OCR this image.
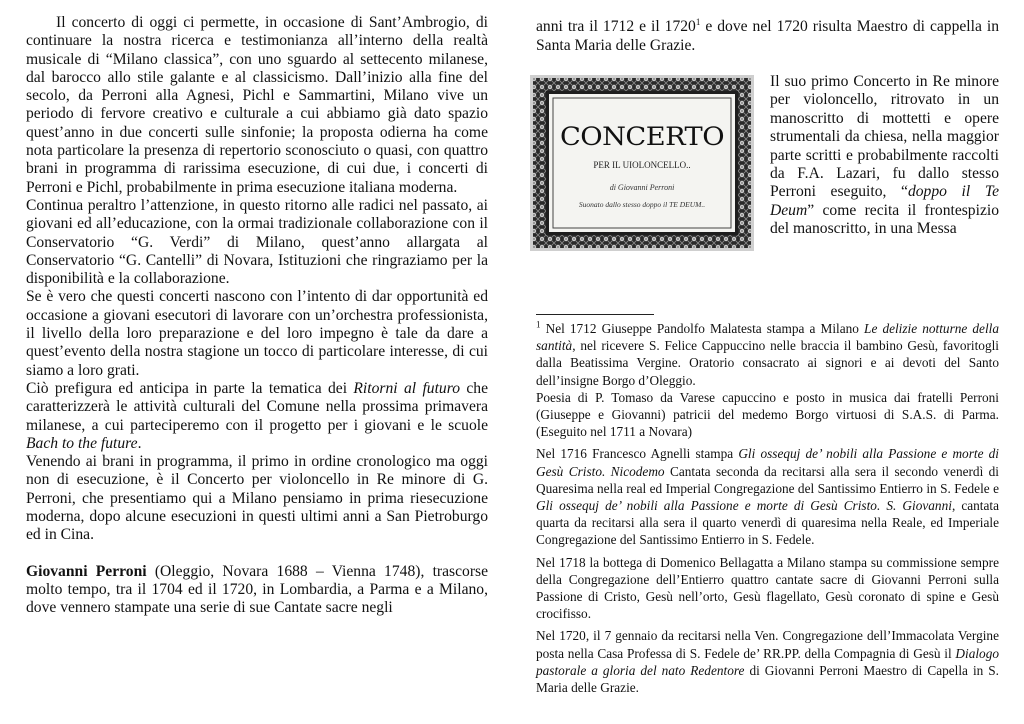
Il concerto di oggi ci permette, in occasione di Sant’Ambrogio, di continuare la nostra ricerca e testimonianza all’interno della realtà musicale di “Milano classica”, con uno sguardo al settecento milanese, dal barocco allo stile galante e al classicismo. Dall’inizio alla fine del secolo, da Perroni alla Agnesi, Pichl e Sammartini, Milano vive un periodo di fervore creativo e culturale a cui abbiamo già dato spazio quest’anno in due concerti sulle sinfonie; la proposta odierna ha come nota particolare la presenza di repertorio sconosciuto o quasi, con quattro brani in programma di rarissima esecuzione, di cui due, i concerti di Perroni e Pichl, probabilmente in prima esecuzione italiana moderna.

Continua peraltro l’attenzione, in questo ritorno alle radici nel passato, ai giovani ed all’educazione, con la ormai tradizionale collaborazione con il Conservatorio “G. Verdi” di Milano, quest’anno allargata al Conservatorio “G. Cantelli” di Novara, Istituzioni che ringraziamo per la disponibilità e la collaborazione.

Se è vero che questi concerti nascono con l’intento di dar opportunità ed occasione a giovani esecutori di lavorare con un’orchestra professionista, il livello della loro preparazione e del loro impegno è tale da dare a quest’evento della nostra stagione un tocco di particolare interesse, di cui siamo a loro grati.

Ciò prefigura ed anticipa in parte la tematica dei Ritorni al futuro che caratterizzerà le attività culturali del Comune nella prossima primavera milanese, a cui parteciperemo con il progetto per i giovani e le scuole Bach to the future.

Venendo ai brani in programma, il primo in ordine cronologico ma oggi non di esecuzione, è il Concerto per violoncello in Re minore di G. Perroni, che presentiamo qui a Milano pensiamo in prima riesecuzione moderna, dopo alcune esecuzioni in questi ultimi anni a San Pietroburgo ed in Cina.

Giovanni Perroni (Oleggio, Novara 1688 – Vienna 1748), trascorse molto tempo, tra il 1704 ed il 1720, in Lombardia, a Parma e a Milano, dove vennero stampate una serie di sue Cantate sacre negli

anni tra il 1712 e il 1720$^1$ e dove nel 1720 risulta Maestro di cappella in Santa Maria delle Grazie.

CONCERTO
PER IL UIOLONCELLO..
di Giovanni Perroni
Suonato dallo stesso doppo il TE DEUM..

Il suo primo Concerto in Re minore per violoncello, ritrovato in un manoscritto di mottetti e opere strumentali da chiesa, nella maggior parte scritti e probabilmente raccolti da F.A. Lazari, fu dallo stesso Perroni eseguito, “doppo il Te Deum” come recita il frontespizio del manoscritto, in una Messa

$^1$ Nel 1712 Giuseppe Pandolfo Malatesta stampa a Milano Le delizie notturne della santità, nel ricevere S. Felice Cappuccino nelle braccia il bambino Gesù, favoritogli dalla Beatissima Vergine. Oratorio consacrato ai signori e ai devoti del Santo dell’insigne Borgo d’Oleggio.
Poesia di P. Tomaso da Varese capuccino e posto in musica dai fratelli Perroni (Giuseppe e Giovanni) patricii del medemo Borgo virtuosi di S.A.S. di Parma. (Eseguito nel 1711 a Novara)

Nel 1716 Francesco Agnelli stampa Gli ossequj de’ nobili alla Passione e morte di Gesù Cristo. Nicodemo Cantata seconda da recitarsi alla sera il secondo venerdì di Quaresima nella real ed Imperial Congregazione del Santissimo Entierro in S. Fedele e Gli ossequj de’ nobili alla Passione e morte di Gesù Cristo. S. Giovanni, cantata quarta da recitarsi alla sera il quarto venerdì di quaresima nella Reale, ed Imperiale Congregazione del Santissimo Entierro in S. Fedele.

Nel 1718 la bottega di Domenico Bellagatta a Milano stampa su commissione sempre della Congregazione dell’Entierro quattro cantate sacre di Giovanni Perroni sulla Passione di Cristo, Gesù nell’orto, Gesù flagellato, Gesù coronato di spine e Gesù crocifisso.

Nel 1720, il 7 gennaio da recitarsi nella Ven. Congregazione dell’Immacolata Vergine posta nella Casa Professa di S. Fedele de’ RR.PP. della Compagnia di Gesù il Dialogo pastorale a gloria del nato Redentore di Giovanni Perroni Maestro di Capella in S. Maria delle Grazie.
